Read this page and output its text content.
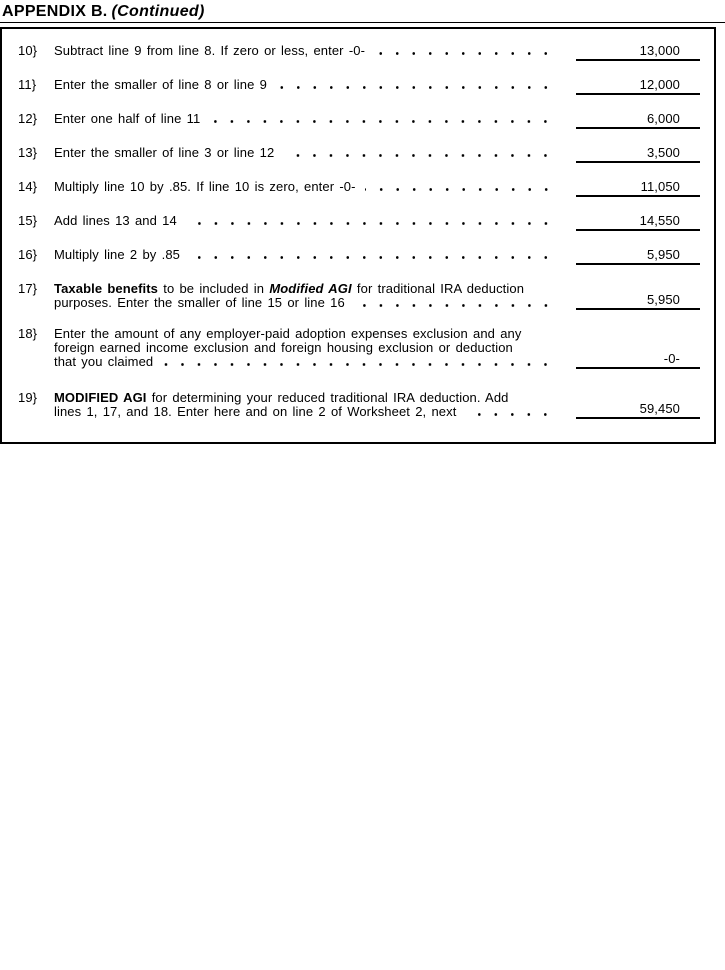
APPENDIX B. (Continued)
10}	Subtract line 9 from line 8. If zero or less, enter -0-	13,000
11}	Enter the smaller of line 8 or line 9	12,000
12}	Enter one half of line 11	6,000
13}	Enter the smaller of line 3 or line 12	3,500
14}	Multiply line 10 by .85. If line 10 is zero, enter -0-	11,050
15}	Add lines 13 and 14	14,550
16}	Multiply line 2 by .85	5,950
17}	Taxable benefits to be included in Modified AGI for traditional IRA deduction
purposes. Enter the smaller of line 15 or line 16	5,950
18}	Enter the amount of any employer-paid adoption expenses exclusion and any
foreign earned income exclusion and foreign housing exclusion or deduction
that you claimed	-0-
19}	MODIFIED AGI for determining your reduced traditional IRA deduction. Add
lines 1, 17, and 18. Enter here and on line 2 of Worksheet 2, next	59,450
